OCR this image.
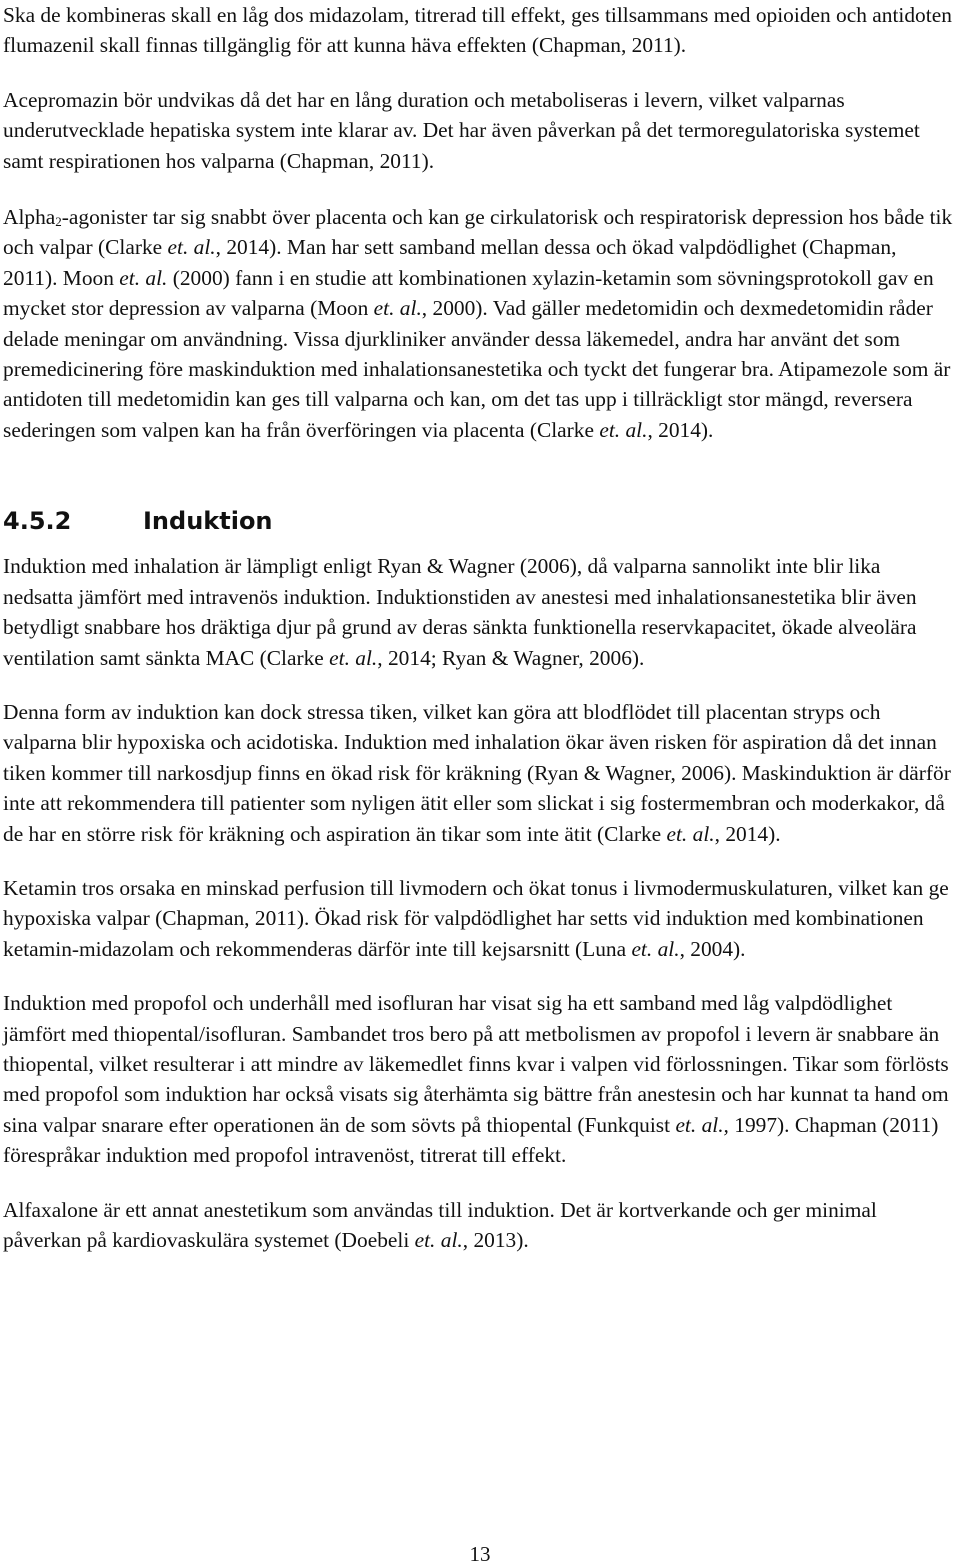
Ska de kombineras skall en låg dos midazolam, titrerad till effekt, ges tillsammans med opioiden och antidoten flumazenil skall finnas tillgänglig för att kunna häva effekten (Chapman, 2011).

Acepromazin bör undvikas då det har en lång duration och metaboliseras i levern, vilket valparnas underutvecklade hepatiska system inte klarar av. Det har även påverkan på det termoregulatoriska systemet samt respirationen hos valparna (Chapman, 2011).

Alpha$_2$-agonister tar sig snabbt över placenta och kan ge cirkulatorisk och respiratorisk depression hos både tik och valpar (Clarke et. al., 2014). Man har sett samband mellan dessa och ökad valpdödlighet (Chapman, 2011). Moon et. al. (2000) fann i en studie att kombinationen xylazin-ketamin som sövningsprotokoll gav en mycket stor depression av valparna (Moon et. al., 2000). Vad gäller medetomidin och dexmedetomidin råder delade meningar om användning. Vissa djurkliniker använder dessa läkemedel, andra har använt det som premedicinering före maskinduktion med inhalationsanestetika och tyckt det fungerar bra. Atipamezole som är antidoten till medetomidin kan ges till valparna och kan, om det tas upp i tillräckligt stor mängd, reversera sederingen som valpen kan ha från överföringen via placenta (Clarke et. al., 2014).

4.5.2	Induktion

Induktion med inhalation är lämpligt enligt Ryan & Wagner (2006), då valparna sannolikt inte blir lika nedsatta jämfört med intravenös induktion. Induktionstiden av anestesi med inhalationsanestetika blir även betydligt snabbare hos dräktiga djur på grund av deras sänkta funktionella reservkapacitet, ökade alveolära ventilation samt sänkta MAC (Clarke et. al., 2014; Ryan & Wagner, 2006).

Denna form av induktion kan dock stressa tiken, vilket kan göra att blodflödet till placentan stryps och valparna blir hypoxiska och acidotiska. Induktion med inhalation ökar även risken för aspiration då det innan tiken kommer till narkosdjup finns en ökad risk för kräkning (Ryan & Wagner, 2006). Maskinduktion är därför inte att rekommendera till patienter som nyligen ätit eller som slickat i sig fostermembran och moderkakor, då de har en större risk för kräkning och aspiration än tikar som inte ätit (Clarke et. al., 2014).

Ketamin tros orsaka en minskad perfusion till livmodern och ökat tonus i livmodermuskulaturen, vilket kan ge hypoxiska valpar (Chapman, 2011). Ökad risk för valpdödlighet har setts vid induktion med kombinationen ketamin-midazolam och rekommenderas därför inte till kejsarsnitt (Luna et. al., 2004).

Induktion med propofol och underhåll med isofluran har visat sig ha ett samband med låg valpdödlighet jämfört med thiopental/isofluran. Sambandet tros bero på att metbolismen av propofol i levern är snabbare än thiopental, vilket resulterar i att mindre av läkemedlet finns kvar i valpen vid förlossningen. Tikar som förlösts med propofol som induktion har också visats sig återhämta sig bättre från anestesin och har kunnat ta hand om sina valpar snarare efter operationen än de som sövts på thiopental (Funkquist et. al., 1997). Chapman (2011) förespråkar induktion med propofol intravenöst, titrerat till effekt.

Alfaxalone är ett annat anestetikum som användas till induktion. Det är kortverkande och ger minimal påverkan på kardiovaskulära systemet (Doebeli et. al., 2013).

13
